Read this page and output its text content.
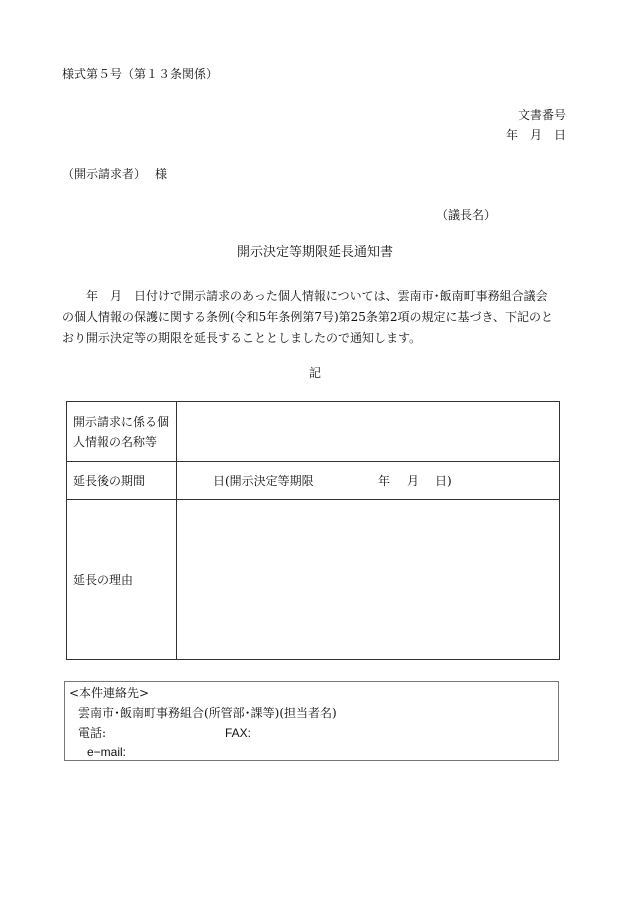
様式第５号（第１３条関係）
文書番号
年　月　日
（開示請求者） 様
（議長名）
開示決定等期限延長通知書
　　年　月　日付けで開示請求のあった個人情報については、雲南市･飯南町事務組合議会
の個人情報の保護に関する条例(令和5年条例第7号)第25条第2項の規定に基づき、下記のと
おり開示決定等の期限を延長することとしましたので通知します。
記
開示請求に係る個
人情報の名称等	

延長後の期間	日(開示決定等期限 年 月 日)

延長の理由	
<本件連絡先>
雲南市･飯南町事務組合(所管部･課等)(担当者名)
電話:	FAX:
e−mail:
